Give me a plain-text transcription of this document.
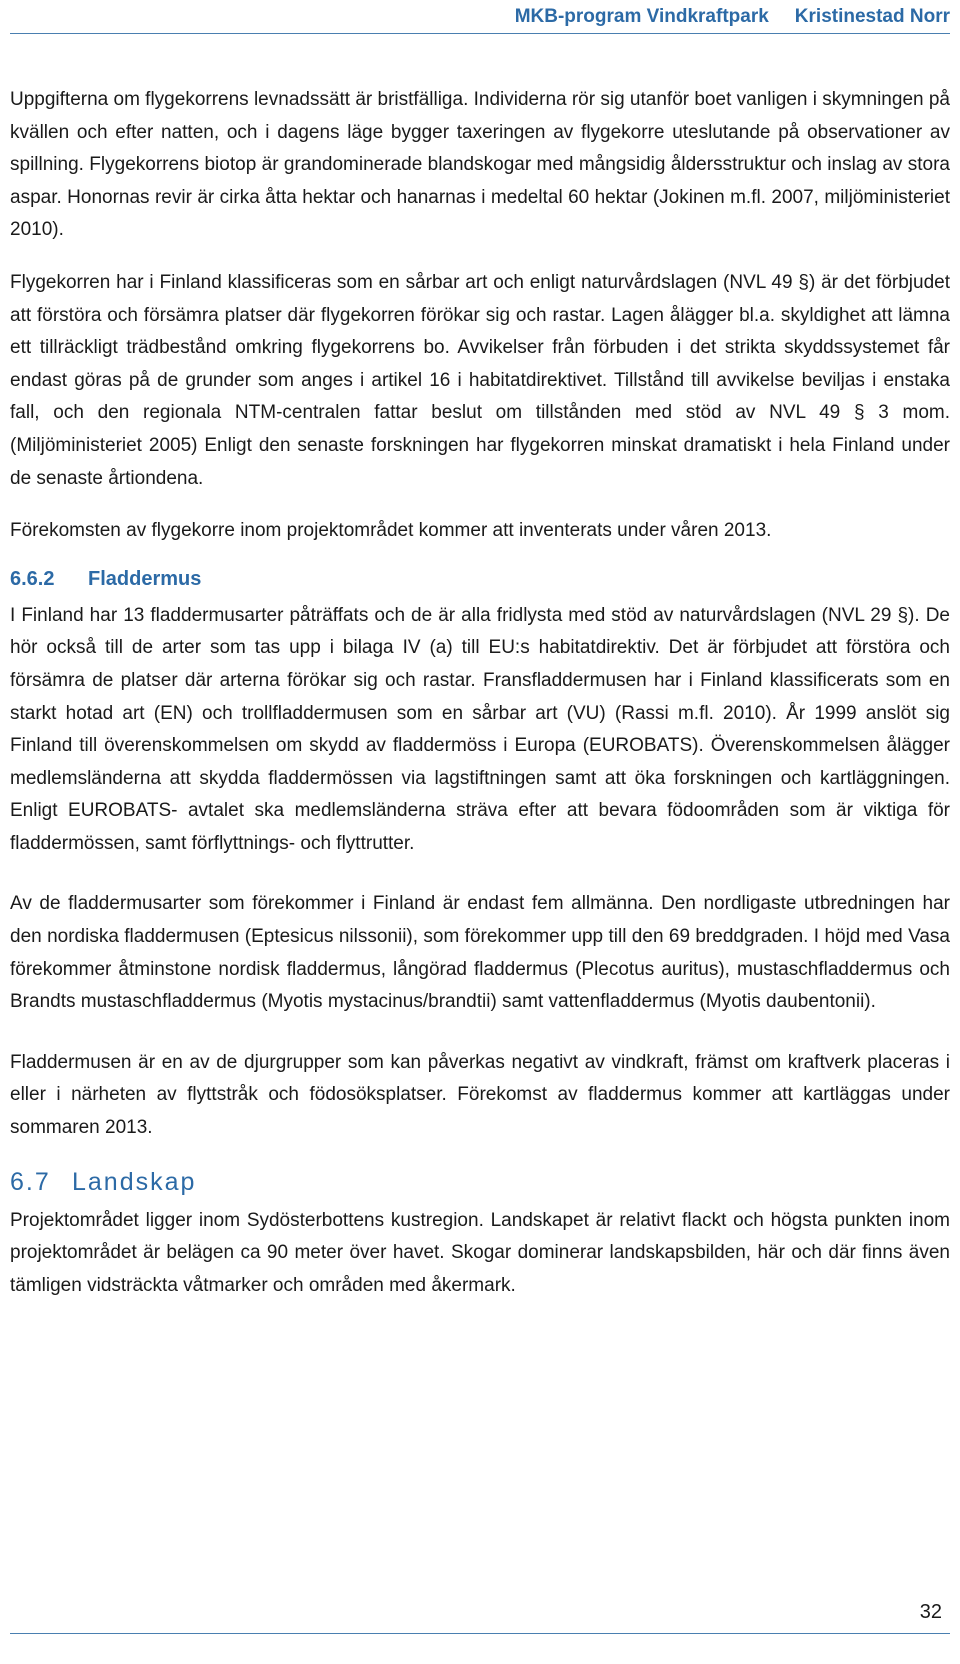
MKB-program Vindkraftpark Kristinestad Norr

Uppgifterna om flygekorrens levnadssätt är bristfälliga. Individerna rör sig utanför boet vanligen i skymningen på kvällen och efter natten, och i dagens läge bygger taxeringen av flygekorre uteslutande på observationer av spillning. Flygekorrens biotop är grandominerade blandskogar med mångsidig åldersstruktur och inslag av stora aspar. Honornas revir är cirka åtta hektar och hanarnas i medeltal 60 hektar (Jokinen m.fl. 2007, miljöministeriet 2010).

Flygekorren har i Finland klassificeras som en sårbar art och enligt naturvårdslagen (NVL 49 §) är det förbjudet att förstöra och försämra platser där flygekorren förökar sig och rastar. Lagen ålägger bl.a. skyldighet att lämna ett tillräckligt trädbestånd omkring flygekorrens bo. Avvikelser från förbuden i det strikta skyddssystemet får endast göras på de grunder som anges i artikel 16 i habitatdirektivet. Tillstånd till avvikelse beviljas i enstaka fall, och den regionala NTM-centralen fattar beslut om tillstånden med stöd av NVL 49 § 3 mom. (Miljöministeriet 2005) Enligt den senaste forskningen har flygekorren minskat dramatiskt i hela Finland under de senaste årtiondena.

Förekomsten av flygekorre inom projektområdet kommer att inventerats under våren 2013.

6.6.2 Fladdermus

I Finland har 13 fladdermusarter påträffats och de är alla fridlysta med stöd av naturvårdslagen (NVL 29 §). De hör också till de arter som tas upp i bilaga IV (a) till EU:s habitatdirektiv. Det är förbjudet att förstöra och försämra de platser där arterna förökar sig och rastar. Fransfladdermusen har i Finland klassificerats som en starkt hotad art (EN) och trollfladdermusen som en sårbar art (VU) (Rassi m.fl. 2010). År 1999 anslöt sig Finland till överenskommelsen om skydd av fladdermöss i Europa (EUROBATS). Överenskommelsen ålägger medlemsländerna att skydda fladdermössen via lagstiftningen samt att öka forskningen och kartläggningen. Enligt EUROBATS- avtalet ska medlemsländerna sträva efter att bevara födoområden som är viktiga för fladdermössen, samt förflyttnings- och flyttrutter.

Av de fladdermusarter som förekommer i Finland är endast fem allmänna. Den nordligaste utbredningen har den nordiska fladdermusen (Eptesicus nilssonii), som förekommer upp till den 69 breddgraden. I höjd med Vasa förekommer åtminstone nordisk fladdermus, långörad fladdermus (Plecotus auritus), mustaschfladdermus och Brandts mustaschfladdermus (Myotis mystacinus/brandtii) samt vattenfladdermus (Myotis daubentonii).

Fladdermusen är en av de djurgrupper som kan påverkas negativt av vindkraft, främst om kraftverk placeras i eller i närheten av flyttstråk och födosöksplatser. Förekomst av fladdermus kommer att kartläggas under sommaren 2013.

6.7 Landskap

Projektområdet ligger inom Sydösterbottens kustregion. Landskapet är relativt flackt och högsta punkten inom projektområdet är belägen ca 90 meter över havet. Skogar dominerar landskapsbilden, här och där finns även tämligen vidsträckta våtmarker och områden med åkermark.

32
